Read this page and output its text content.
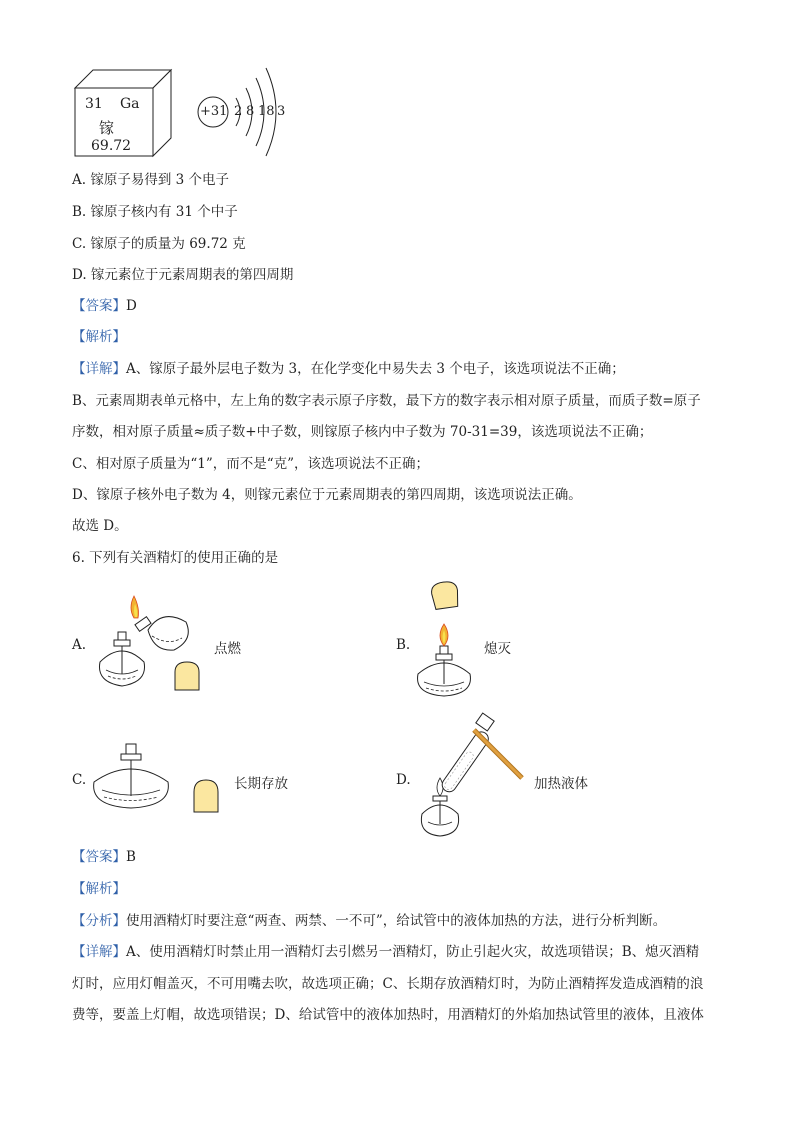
31 Ga
镓
69.72
+31 2 8 18 3
A. 镓原子易得到 3 个电子
B. 镓原子核内有 31 个中子
C. 镓原子的质量为 69.72 克
D. 镓元素位于元素周期表的第四周期
【答案】D
【解析】
【详解】A、镓原子最外层电子数为 3，在化学变化中易失去 3 个电子，该选项说法不正确；
B、元素周期表单元格中，左上角的数字表示原子序数，最下方的数字表示相对原子质量，而质子数=原子
序数，相对原子质量≈质子数+中子数，则镓原子核内中子数为 70-31=39，该选项说法不正确；
C、相对原子质量为“1”，而不是“克”，该选项说法不正确；
D、镓原子核外电子数为 4，则镓元素位于元素周期表的第四周期，该选项说法正确。
故选 D。
6. 下列有关酒精灯的使用正确的是
A.	点燃	B.	熄灭
C.	长期存放	D.	加热液体
【答案】B
【解析】
【分析】使用酒精灯时要注意“两查、两禁、一不可”，给试管中的液体加热的方法，进行分析判断。
【详解】A、使用酒精灯时禁止用一酒精灯去引燃另一酒精灯，防止引起火灾，故选项错误；B、熄灭酒精
灯时，应用灯帽盖灭，不可用嘴去吹，故选项正确；C、长期存放酒精灯时，为防止酒精挥发造成酒精的浪
费等，要盖上灯帽，故选项错误；D、给试管中的液体加热时，用酒精灯的外焰加热试管里的液体，且液体
